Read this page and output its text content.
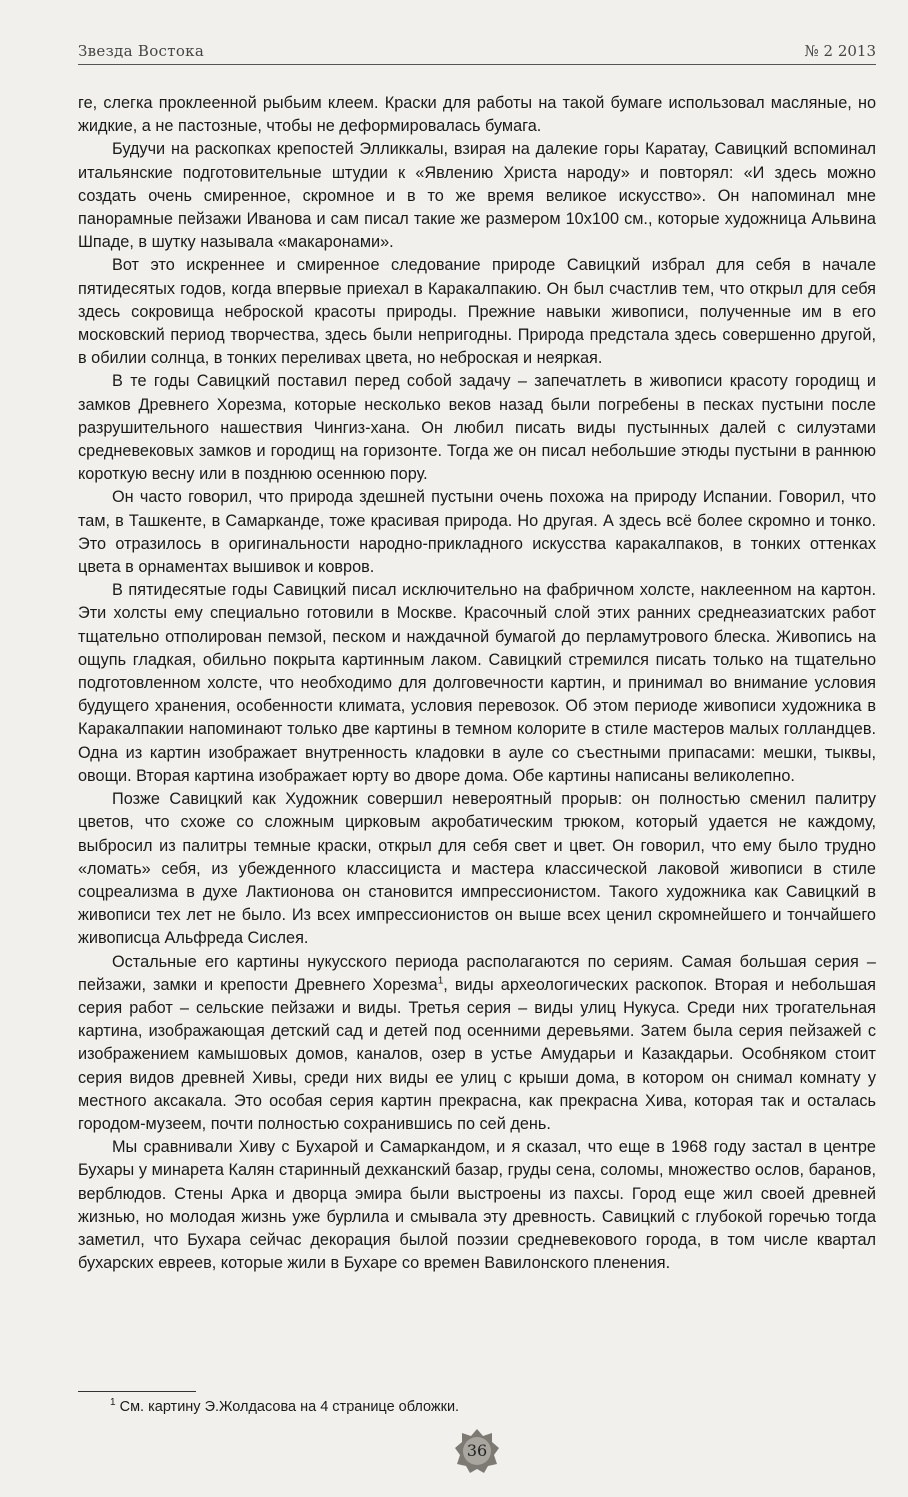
Звезда Востока	№ 2 2013

ге, слегка проклеенной рыбьим клеем. Краски для работы на такой бумаге использовал масляные, но жидкие, а не пастозные, чтобы не деформировалась бумага.

Будучи на раскопках крепостей Элликкалы, взирая на далекие горы Каратау, Савицкий вспоминал итальянские подготовительные штудии к «Явлению Христа народу» и повторял: «И здесь можно создать очень смиренное, скромное и в то же время великое искусство». Он напоминал мне панорамные пейзажи Иванова и сам писал такие же размером 10х100 см., которые художница Альвина Шпаде, в шутку называла «макаронами».

Вот это искреннее и смиренное следование природе Савицкий избрал для себя в начале пятидесятых годов, когда впервые приехал в Каракалпакию. Он был счастлив тем, что открыл для себя здесь сокровища неброской красоты природы. Прежние навыки живописи, полученные им в его московский период творчества, здесь были непригодны. Природа предстала здесь совершенно другой, в обилии солнца, в тонких переливах цвета, но неброская и неяркая.

В те годы Савицкий поставил перед собой задачу – запечатлеть в живописи красоту городищ и замков Древнего Хорезма, которые несколько веков назад были погребены в песках пустыни после разрушительного нашествия Чингиз-хана. Он любил писать виды пустынных далей с силуэтами средневековых замков и городищ на горизонте. Тогда же он писал небольшие этюды пустыни в раннюю короткую весну или в позднюю осеннюю пору.

Он часто говорил, что природа здешней пустыни очень похожа на природу Испании. Говорил, что там, в Ташкенте, в Самарканде, тоже красивая природа. Но другая. А здесь всё более скромно и тонко. Это отразилось в оригинальности народно-прикладного искусства каракалпаков, в тонких оттенках цвета в орнаментах вышивок и ковров.

В пятидесятые годы Савицкий писал исключительно на фабричном холсте, наклеенном на картон. Эти холсты ему специально готовили в Москве. Красочный слой этих ранних среднеазиатских работ тщательно отполирован пемзой, песком и наждачной бумагой до перламутрового блеска. Живопись на ощупь гладкая, обильно покрыта картинным лаком. Савицкий стремился писать только на тщательно подготовленном холсте, что необходимо для долговечности картин, и принимал во внимание условия будущего хранения, особенности климата, условия перевозок. Об этом периоде живописи художника в Каракалпакии напоминают только две картины в темном колорите в стиле мастеров малых голландцев. Одна из картин изображает внутренность кладовки в ауле со съестными припасами: мешки, тыквы, овощи. Вторая картина изображает юрту во дворе дома. Обе картины написаны великолепно.

Позже Савицкий как Художник совершил невероятный прорыв: он полностью сменил палитру цветов, что схоже со сложным цирковым акробатическим трюком, который удается не каждому, выбросил из палитры темные краски, открыл для себя свет и цвет. Он говорил, что ему было трудно «ломать» себя, из убежденного классициста и мастера классической лаковой живописи в стиле соцреализма в духе Лактионова он становится импрессионистом. Такого художника как Савицкий в живописи тех лет не было. Из всех импрессионистов он выше всех ценил скромнейшего и тончайшего живописца Альфреда Сислея.

Остальные его картины нукусского периода располагаются по сериям. Самая большая серия – пейзажи, замки и крепости Древнего Хорезма$^1$, виды археологических раскопок. Вторая и небольшая серия работ – сельские пейзажи и виды. Третья серия – виды улиц Нукуса. Среди них трогательная картина, изображающая детский сад и детей под осенними деревьями. Затем была серия пейзажей с изображением камышовых домов, каналов, озер в устье Амударьи и Казакдарьи. Особняком стоит серия видов древней Хивы, среди них виды ее улиц с крыши дома, в котором он снимал комнату у местного аксакала. Это особая серия картин прекрасна, как прекрасна Хива, которая так и осталась городом-музеем, почти полностью сохранившись по сей день.

Мы сравнивали Хиву с Бухарой и Самаркандом, и я сказал, что еще в 1968 году застал в центре Бухары у минарета Калян старинный дехканский базар, груды сена, соломы, множество ослов, баранов, верблюдов. Стены Арка и дворца эмира были выстроены из пахсы. Город еще жил своей древней жизнью, но молодая жизнь уже бурлила и смывала эту древность. Савицкий с глубокой горечью тогда заметил, что Бухара сейчас декорация былой поэзии средневекового города, в том числе квартал бухарских евреев, которые жили в Бухаре со времен Вавилонского пленения.

$^1$ См. картину Э.Жолдасова на 4 странице обложки.
36
